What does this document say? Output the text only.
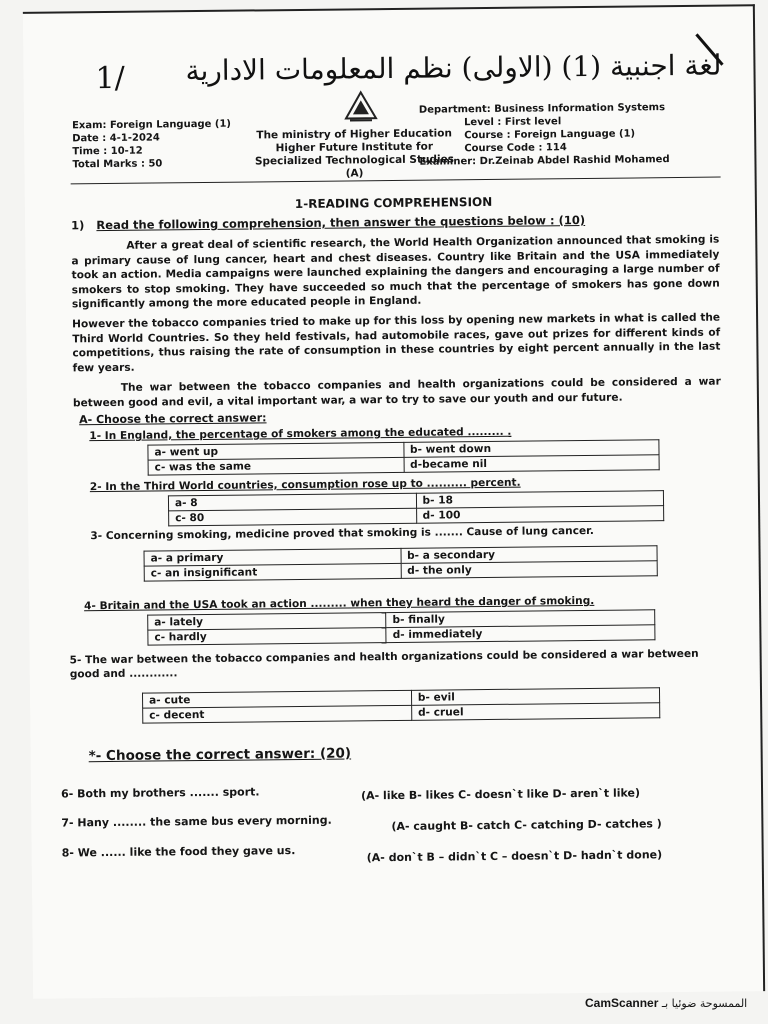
1/	لغة اجنبية (1) (الاولى) نظم المعلومات الادارية
Exam: Foreign Language (1)
Date : 4-1-2024
Time : 10-12
Total Marks : 50
The ministry of Higher Education
Higher Future Institute for
Specialized Technological Studies
(A)
Department: Business Information Systems
Level : First level
Course : Foreign Language (1)
Course Code : 114
Examiner: Dr.Zeinab Abdel Rashid Mohamed
1-READING COMPREHENSION
1) Read the following comprehension, then answer the questions below : (10)
After a great deal of scientific research, the World Health Organization announced that smoking is a primary cause of lung cancer, heart and chest diseases. Country like Britain and the USA immediately took an action. Media campaigns were launched explaining the dangers and encouraging a large number of smokers to stop smoking. They have succeeded so much that the percentage of smokers has gone down significantly among the more educated people in England.
However the tobacco companies tried to make up for this loss by opening new markets in what is called the Third World Countries. So they held festivals, had automobile races, gave out prizes for different kinds of competitions, thus raising the rate of consumption in these countries by eight percent annually in the last few years.
The war between the tobacco companies and health organizations could be considered a war between good and evil, a vital important war, a war to try to save our youth and our future.
A- Choose the correct answer:
1- In England, the percentage of smokers among the educated ......... .
a- went up	b- went down
c- was the same	d-became nil
2- In the Third World countries, consumption rose up to .......... percent.
a- 8	b- 18
c- 80	d- 100
3- Concerning smoking, medicine proved that smoking is ....... Cause of lung cancer.
a- a primary	b- a secondary
c- an insignificant	d- the only
4- Britain and the USA took an action ......... when they heard the danger of smoking.
a- lately	b- finally
c- hardly	d- immediately
5- The war between the tobacco companies and health organizations could be considered a war between good and ............
a- cute	b- evil
c- decent	d- cruel
*- Choose the correct answer: (20)
6- Both my brothers ....... sport.	(A- like B- likes C- doesn`t like D- aren`t like)
7- Hany ........ the same bus every morning.	(A- caught B- catch C- catching D- catches )
8- We ...... like the food they gave us.	(A- don`t B – didn`t C – doesn`t D- hadn`t done)
CamScanner الممسوحة ضوئيا بـ
